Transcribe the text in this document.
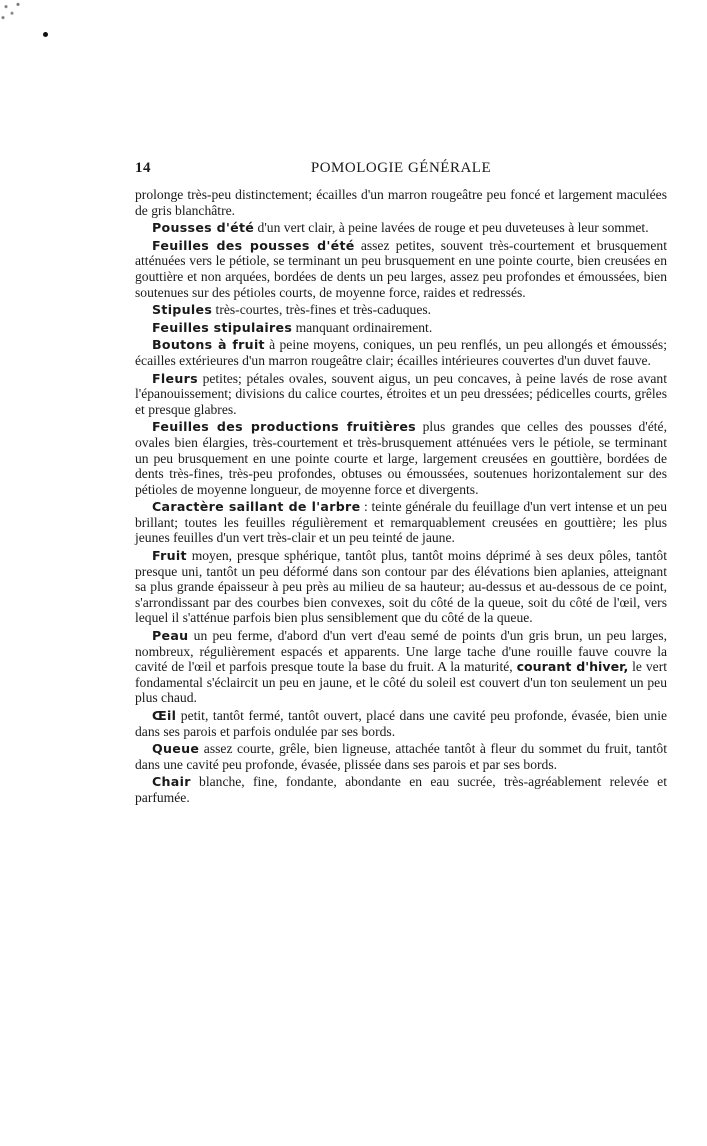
14	POMOLOGIE GÉNÉRALE

prolonge très-peu distinctement; écailles d'un marron rougeâtre peu foncé et largement maculées de gris blanchâtre.

Pousses d'été d'un vert clair, à peine lavées de rouge et peu duveteuses à leur sommet.

Feuilles des pousses d'été assez petites, souvent très-courtement et brusquement atténuées vers le pétiole, se terminant un peu brusquement en une pointe courte, bien creusées en gouttière et non arquées, bordées de dents un peu larges, assez peu profondes et émoussées, bien soutenues sur des pétioles courts, de moyenne force, raides et redressés.

Stipules très-courtes, très-fines et très-caduques.

Feuilles stipulaires manquant ordinairement.

Boutons à fruit à peine moyens, coniques, un peu renflés, un peu allongés et émoussés; écailles extérieures d'un marron rougeâtre clair; écailles intérieures couvertes d'un duvet fauve.

Fleurs petites; pétales ovales, souvent aigus, un peu concaves, à peine lavés de rose avant l'épanouissement; divisions du calice courtes, étroites et un peu dressées; pédicelles courts, grêles et presque glabres.

Feuilles des productions fruitières plus grandes que celles des pousses d'été, ovales bien élargies, très-courtement et très-brusquement atténuées vers le pétiole, se terminant un peu brusquement en une pointe courte et large, largement creusées en gouttière, bordées de dents très-fines, très-peu profondes, obtuses ou émoussées, soutenues horizontalement sur des pétioles de moyenne longueur, de moyenne force et divergents.

Caractère saillant de l'arbre : teinte générale du feuillage d'un vert intense et un peu brillant; toutes les feuilles régulièrement et remarquablement creusées en gouttière; les plus jeunes feuilles d'un vert très-clair et un peu teinté de jaune.

Fruit moyen, presque sphérique, tantôt plus, tantôt moins déprimé à ses deux pôles, tantôt presque uni, tantôt un peu déformé dans son contour par des élévations bien aplanies, atteignant sa plus grande épaisseur à peu près au milieu de sa hauteur; au-dessus et au-dessous de ce point, s'arrondissant par des courbes bien convexes, soit du côté de la queue, soit du côté de l'œil, vers lequel il s'atténue parfois bien plus sensiblement que du côté de la queue.

Peau un peu ferme, d'abord d'un vert d'eau semé de points d'un gris brun, un peu larges, nombreux, régulièrement espacés et apparents. Une large tache d'une rouille fauve couvre la cavité de l'œil et parfois presque toute la base du fruit. A la maturité, courant d'hiver, le vert fondamental s'éclaircit un peu en jaune, et le côté du soleil est couvert d'un ton seulement un peu plus chaud.

Œil petit, tantôt fermé, tantôt ouvert, placé dans une cavité peu profonde, évasée, bien unie dans ses parois et parfois ondulée par ses bords.

Queue assez courte, grêle, bien ligneuse, attachée tantôt à fleur du sommet du fruit, tantôt dans une cavité peu profonde, évasée, plissée dans ses parois et par ses bords.

Chair blanche, fine, fondante, abondante en eau sucrée, très-agréablement relevée et parfumée.
